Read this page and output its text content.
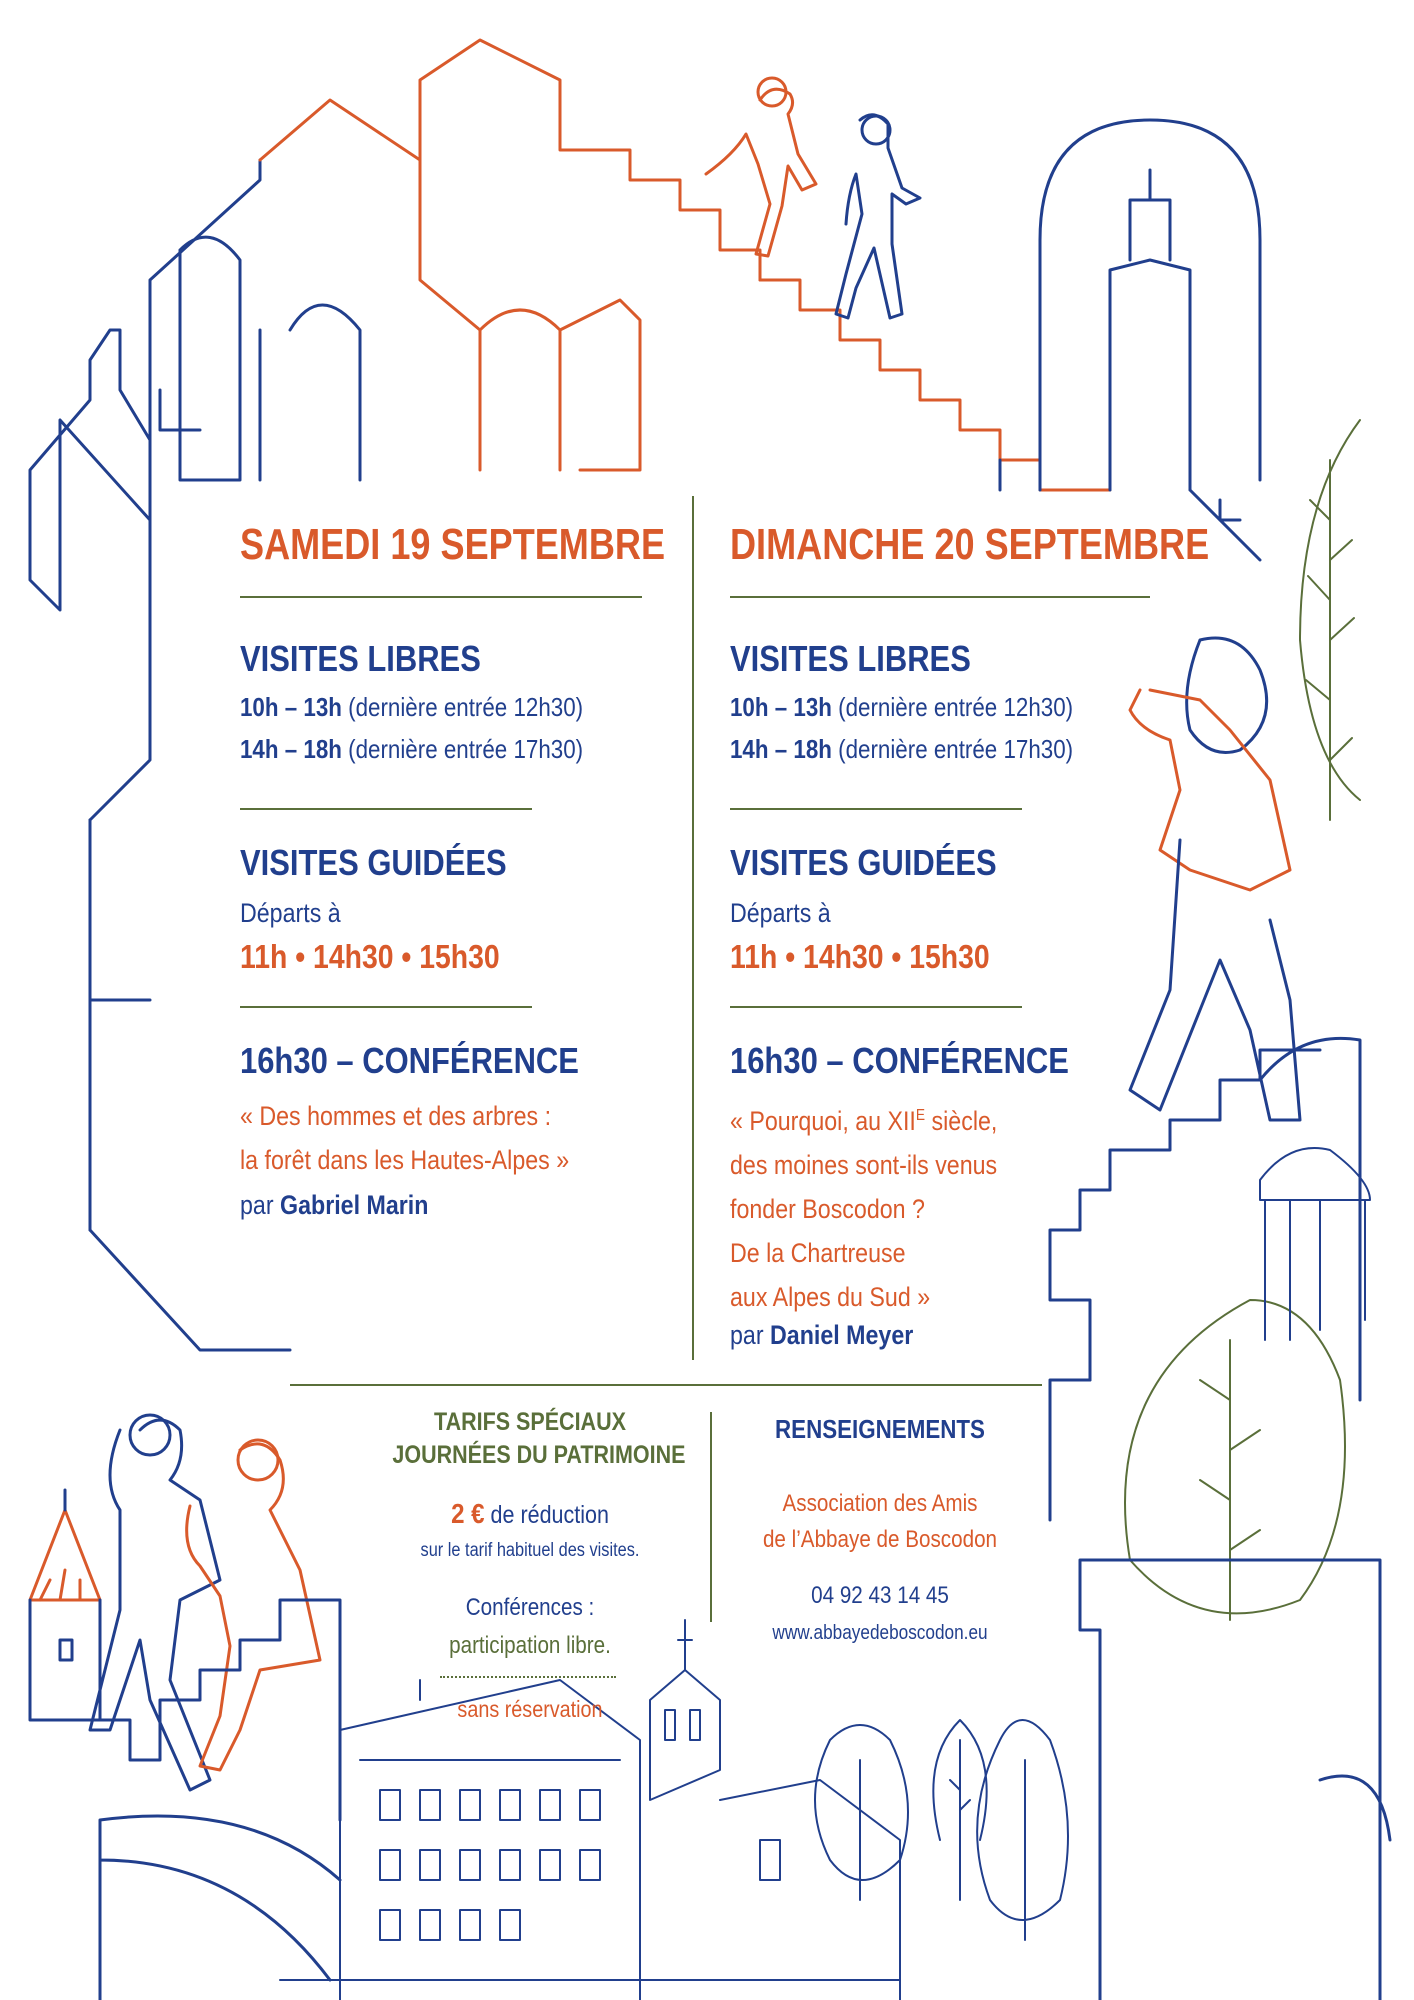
SAMEDI 19 SEPTEMBRE
VISITES LIBRES
10h – 13h (dernière entrée 12h30)
14h – 18h (dernière entrée 17h30)
VISITES GUIDÉES
Départs à
11h • 14h30 • 15h30
16h30 – CONFÉRENCE
« Des hommes et des arbres :
la forêt dans les Hautes-Alpes »
par Gabriel Marin
DIMANCHE 20 SEPTEMBRE
VISITES LIBRES
10h – 13h (dernière entrée 12h30)
14h – 18h (dernière entrée 17h30)
VISITES GUIDÉES
Départs à
11h • 14h30 • 15h30
16h30 – CONFÉRENCE
« Pourquoi, au $XII^E$ siècle,
des moines sont-ils venus
fonder Boscodon ?
De la Chartreuse
aux Alpes du Sud »
par Daniel Meyer
TARIFS SPÉCIAUX
JOURNÉES DU PATRIMOINE
2 € de réduction
sur le tarif habituel des visites.
Conférences :
participation libre.
sans réservation
RENSEIGNEMENTS
Association des Amis
de l’Abbaye de Boscodon
04 92 43 14 45
www.abbayedeboscodon.eu
